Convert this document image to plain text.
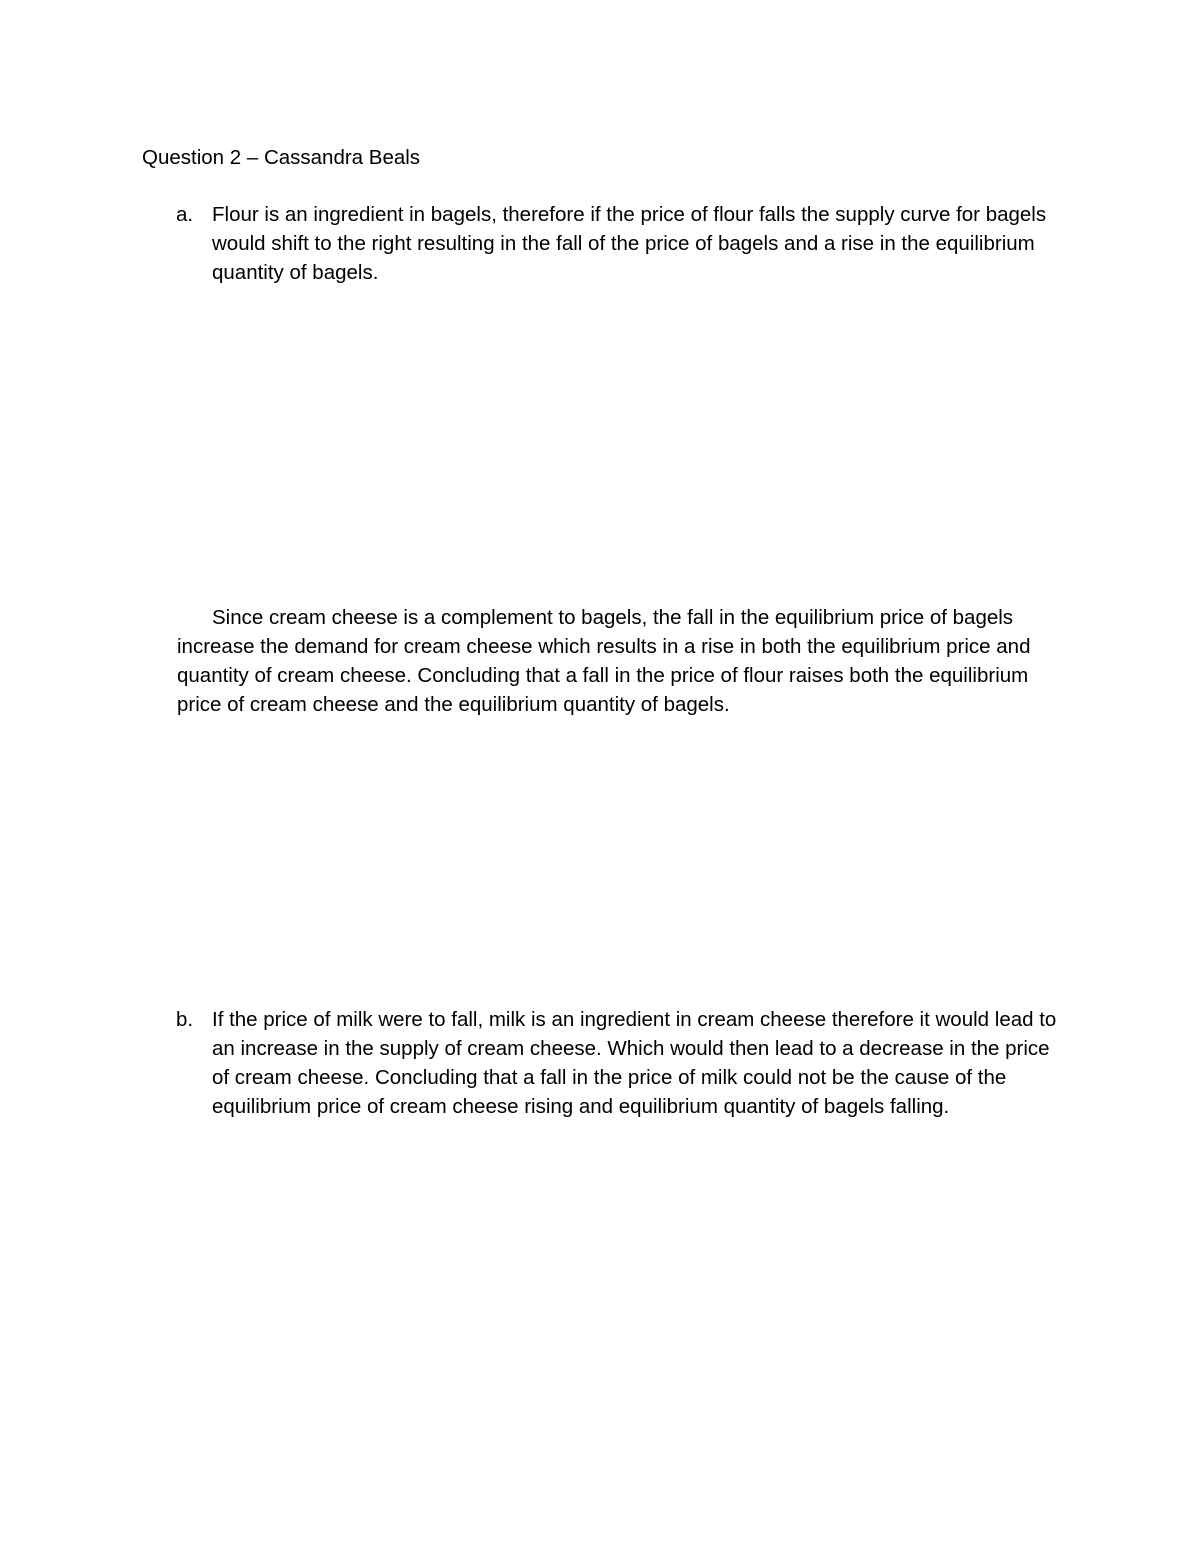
Question 2 – Cassandra Beals
a. Flour is an ingredient in bagels, therefore if the price of flour falls the supply curve for bagels would shift to the right resulting in the fall of the price of bagels and a rise in the equilibrium quantity of bagels.
Since cream cheese is a complement to bagels, the fall in the equilibrium price of bagels increase the demand for cream cheese which results in a rise in both the equilibrium price and quantity of cream cheese. Concluding that a fall in the price of flour raises both the equilibrium price of cream cheese and the equilibrium quantity of bagels.
b. If the price of milk were to fall, milk is an ingredient in cream cheese therefore it would lead to an increase in the supply of cream cheese. Which would then lead to a decrease in the price of cream cheese. Concluding that a fall in the price of milk could not be the cause of the equilibrium price of cream cheese rising and equilibrium quantity of bagels falling.
